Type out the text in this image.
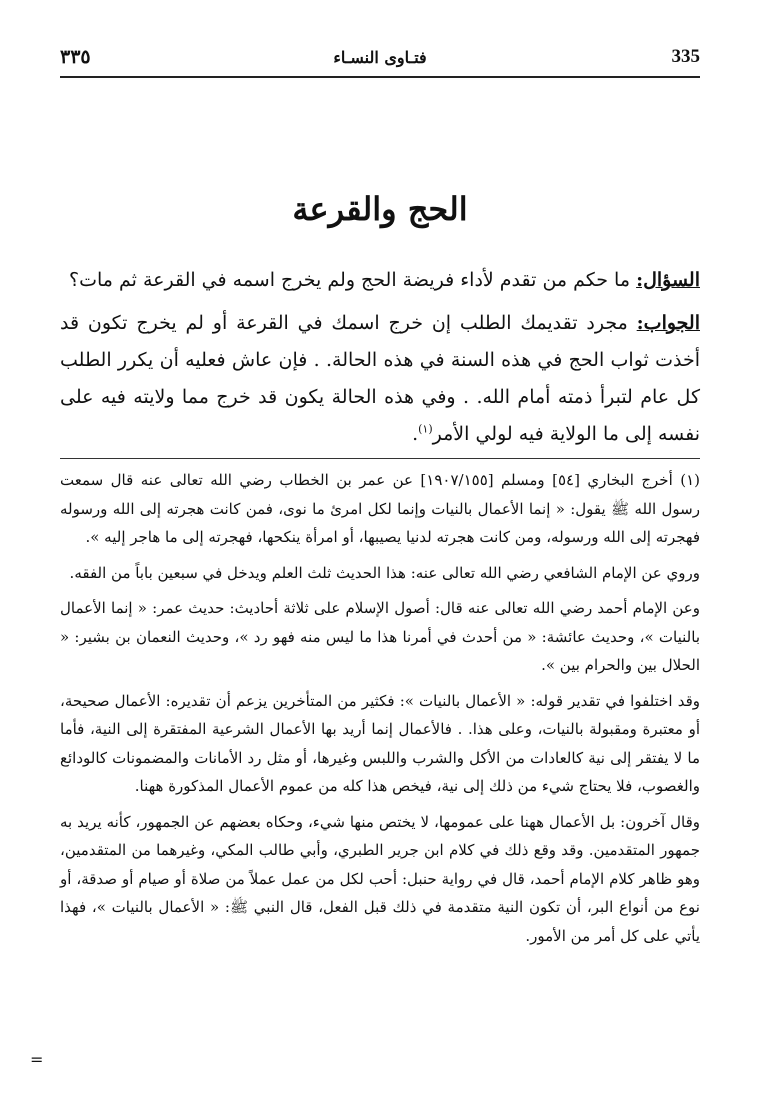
335
فتـاوى النسـاء
٣٣٥
الحج والقرعة

السؤال: ما حكم من تقدم لأداء فريضة الحج ولم يخرج اسمه في القرعة ثم مات؟

الجواب: مجرد تقديمك الطلب إن خرج اسمك في القرعة أو لم يخرج تكون قد أخذت ثواب الحج في هذه السنة في هذه الحالة. . فإن عاش فعليه أن يكرر الطلب كل عام لتبرأ ذمته أمام الله. . وفي هذه الحالة يكون قد خرج مما ولايته فيه على نفسه إلى ما الولاية فيه لولي الأمر$^{(١)}$.

(١) أخرج البخاري [٥٤] ومسلم [١٩٠٧/١٥٥] عن عمر بن الخطاب رضي الله تعالى عنه قال سمعت رسول الله ﷺ يقول: « إنما الأعمال بالنيات وإنما لكل امرئ ما نوى، فمن كانت هجرته إلى الله ورسوله فهجرته إلى الله ورسوله، ومن كانت هجرته لدنيا يصيبها، أو امرأة ينكحها، فهجرته إلى ما هاجر إليه ».

وروي عن الإمام الشافعي رضي الله تعالى عنه: هذا الحديث ثلث العلم ويدخل في سبعين باباً من الفقه.

وعن الإمام أحمد رضي الله تعالى عنه قال: أصول الإسلام على ثلاثة أحاديث: حديث عمر: « إنما الأعمال بالنيات »، وحديث عائشة: « من أحدث في أمرنا هذا ما ليس منه فهو رد »، وحديث النعمان بن بشير: « الحلال بين والحرام بين ».

وقد اختلفوا في تقدير قوله: « الأعمال بالنيات »: فكثير من المتأخرين يزعم أن تقديره: الأعمال صحيحة، أو معتبرة ومقبولة بالنيات، وعلى هذا. . فالأعمال إنما أريد بها الأعمال الشرعية المفتقرة إلى النية، فأما ما لا يفتقر إلى نية كالعادات من الأكل والشرب واللبس وغيرها، أو مثل رد الأمانات والمضمونات كالودائع والغصوب، فلا يحتاج شيء من ذلك إلى نية، فيخص هذا كله من عموم الأعمال المذكورة ههنا.

وقال آخرون: بل الأعمال ههنا على عمومها، لا يختص منها شيء، وحكاه بعضهم عن الجمهور، كأنه يريد به جمهور المتقدمين. وقد وقع ذلك في كلام ابن جرير الطبري، وأبي طالب المكي، وغيرهما من المتقدمين، وهو ظاهر كلام الإمام أحمد، قال في رواية حنبل: أحب لكل من عمل عملاً من صلاة أو صيام أو صدقة، أو نوع من أنواع البر، أن تكون النية متقدمة في ذلك قبل الفعل، قال النبي ﷺ: « الأعمال بالنيات »، فهذا يأتي على كل أمر من الأمور.

=
